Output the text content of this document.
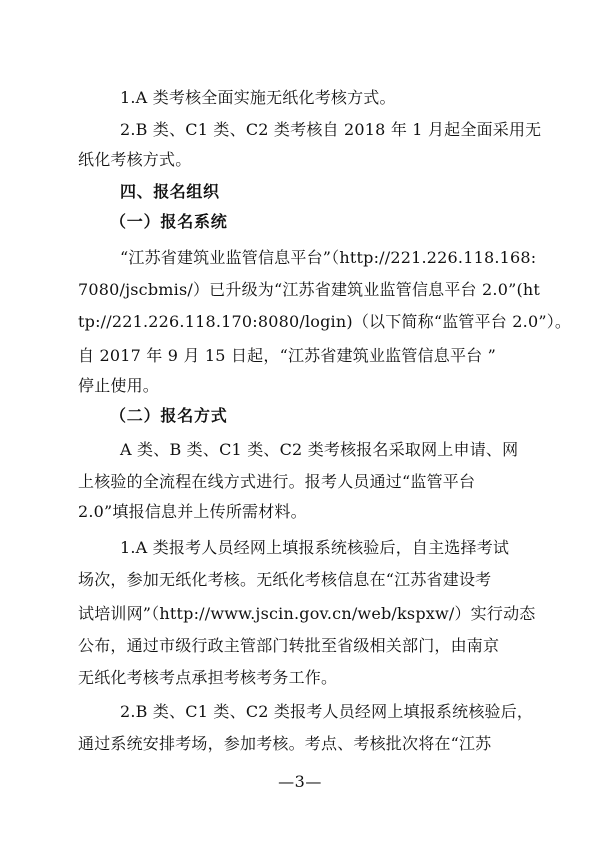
1.A 类考核全面实施无纸化考核方式。
2.B 类、C1 类、C2 类考核自 2018 年 1 月起全面采用无
纸化考核方式。
四、报名组织
（一）报名系统
“江苏省建筑业监管信息平台”（http://221.226.118.168:
7080/jscbmis/）已升级为“江苏省建筑业监管信息平台 2.0”(ht
tp://221.226.118.170:8080/login)（以下简称“监管平台 2.0”）。
自 2017 年 9 月 15 日起，“江苏省建筑业监管信息平台 ”
停止使用。
（二）报名方式
A 类、B 类、C1 类、C2 类考核报名采取网上申请、网
上核验的全流程在线方式进行。报考人员通过“监管平台
2.0”填报信息并上传所需材料。
1.A 类报考人员经网上填报系统核验后，自主选择考试
场次，参加无纸化考核。无纸化考核信息在“江苏省建设考
试培训网”（http://www.jscin.gov.cn/web/kspxw/）实行动态
公布，通过市级行政主管部门转批至省级相关部门，由南京
无纸化考核考点承担考核考务工作。
2.B 类、C1 类、C2 类报考人员经网上填报系统核验后，
通过系统安排考场，参加考核。考点、考核批次将在“江苏
—3—
